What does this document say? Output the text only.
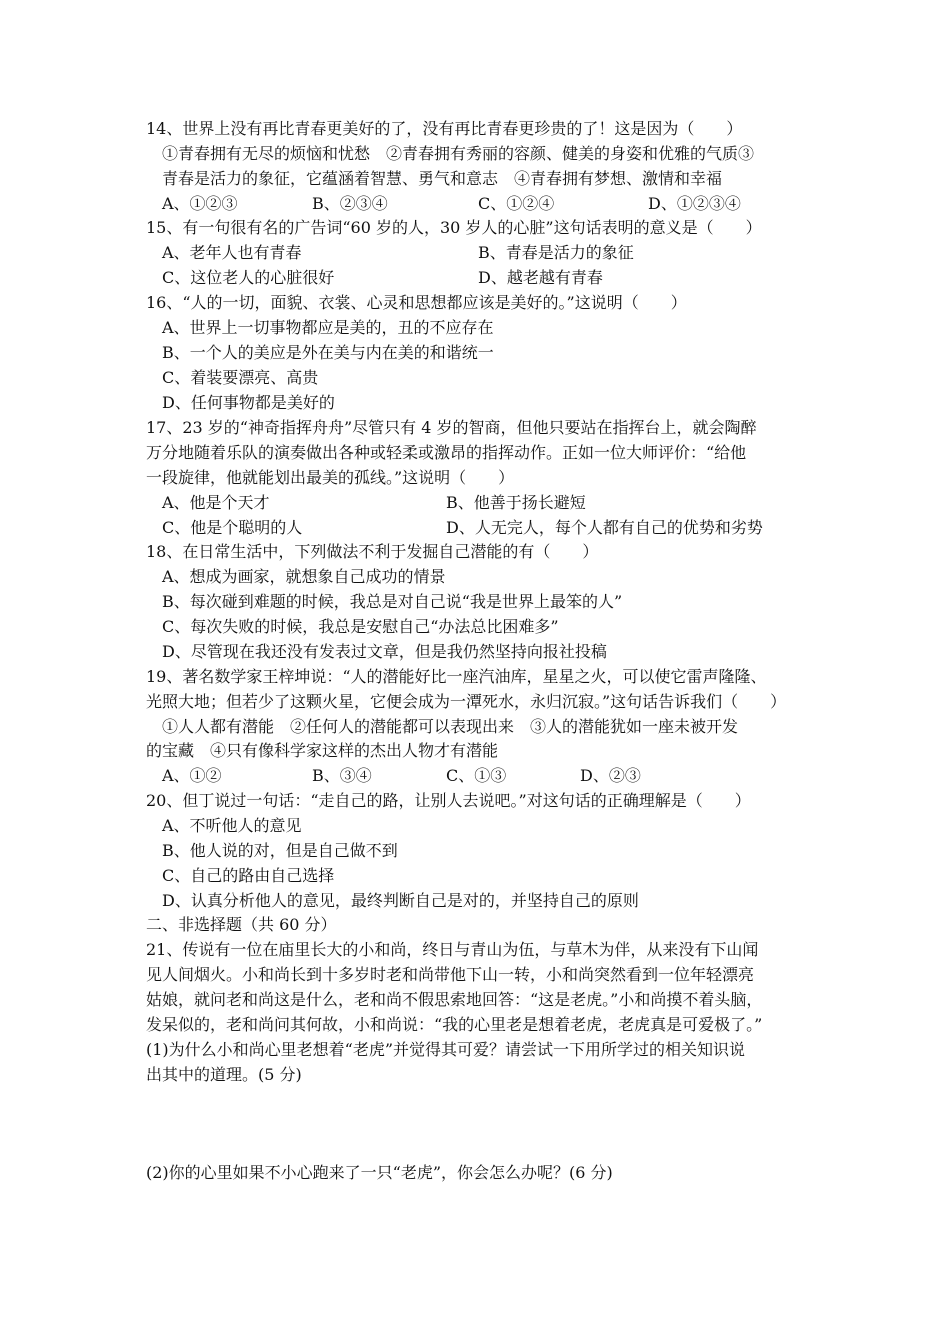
14、世界上没有再比青春更美好的了，没有再比青春更珍贵的了！这是因为（　　）
①青春拥有无尽的烦恼和忧愁　②青春拥有秀丽的容颜、健美的身姿和优雅的气质③
青春是活力的象征，它蕴涵着智慧、勇气和意志　④青春拥有梦想、激情和幸福
A、①②③	B、②③④	C、①②④	D、①②③④
15、有一句很有名的广告词“60 岁的人，30 岁人的心脏”这句话表明的意义是（　　）
A、老年人也有青春	B、青春是活力的象征
C、这位老人的心脏很好	D、越老越有青春
16、“人的一切，面貌、衣裳、心灵和思想都应该是美好的。”这说明（　　）
A、世界上一切事物都应是美的，丑的不应存在
B、一个人的美应是外在美与内在美的和谐统一
C、着装要漂亮、高贵
D、任何事物都是美好的
17、23 岁的“神奇指挥舟舟”尽管只有 4 岁的智商，但他只要站在指挥台上，就会陶醉
万分地随着乐队的演奏做出各种或轻柔或激昂的指挥动作。正如一位大师评价：“给他
一段旋律，他就能划出最美的孤线。”这说明（　　）
A、他是个天才	B、他善于扬长避短
C、他是个聪明的人	D、人无完人，每个人都有自己的优势和劣势
18、在日常生活中，下列做法不利于发掘自己潜能的有（　　）
A、想成为画家，就想象自己成功的情景
B、每次碰到难题的时候，我总是对自己说“我是世界上最笨的人”
C、每次失败的时候，我总是安慰自己“办法总比困难多”
D、尽管现在我还没有发表过文章，但是我仍然坚持向报社投稿
19、著名数学家王梓坤说：“人的潜能好比一座汽油库，星星之火，可以使它雷声隆隆、
光照大地；但若少了这颗火星，它便会成为一潭死水，永归沉寂。”这句话告诉我们（　　）
①人人都有潜能　②任何人的潜能都可以表现出来　③人的潜能犹如一座未被开发
的宝藏　④只有像科学家这样的杰出人物才有潜能
A、①②	B、③④	C、①③	D、②③
20、但丁说过一句话：“走自己的路，让别人去说吧。”对这句话的正确理解是（　　）
A、不听他人的意见
B、他人说的对，但是自己做不到
C、自己的路由自己选择
D、认真分析他人的意见，最终判断自己是对的，并坚持自己的原则
二、非选择题（共 60 分）
21、传说有一位在庙里长大的小和尚，终日与青山为伍，与草木为伴，从来没有下山闻
见人间烟火。小和尚长到十多岁时老和尚带他下山一转，小和尚突然看到一位年轻漂亮
姑娘，就问老和尚这是什么，老和尚不假思索地回答：“这是老虎。”小和尚摸不着头脑，
发呆似的，老和尚问其何故，小和尚说：“我的心里老是想着老虎，老虎真是可爱极了。”
(1)为什么小和尚心里老想着“老虎”并觉得其可爱？请尝试一下用所学过的相关知识说
出其中的道理。(5 分)
(2)你的心里如果不小心跑来了一只“老虎”，你会怎么办呢？(6 分)
